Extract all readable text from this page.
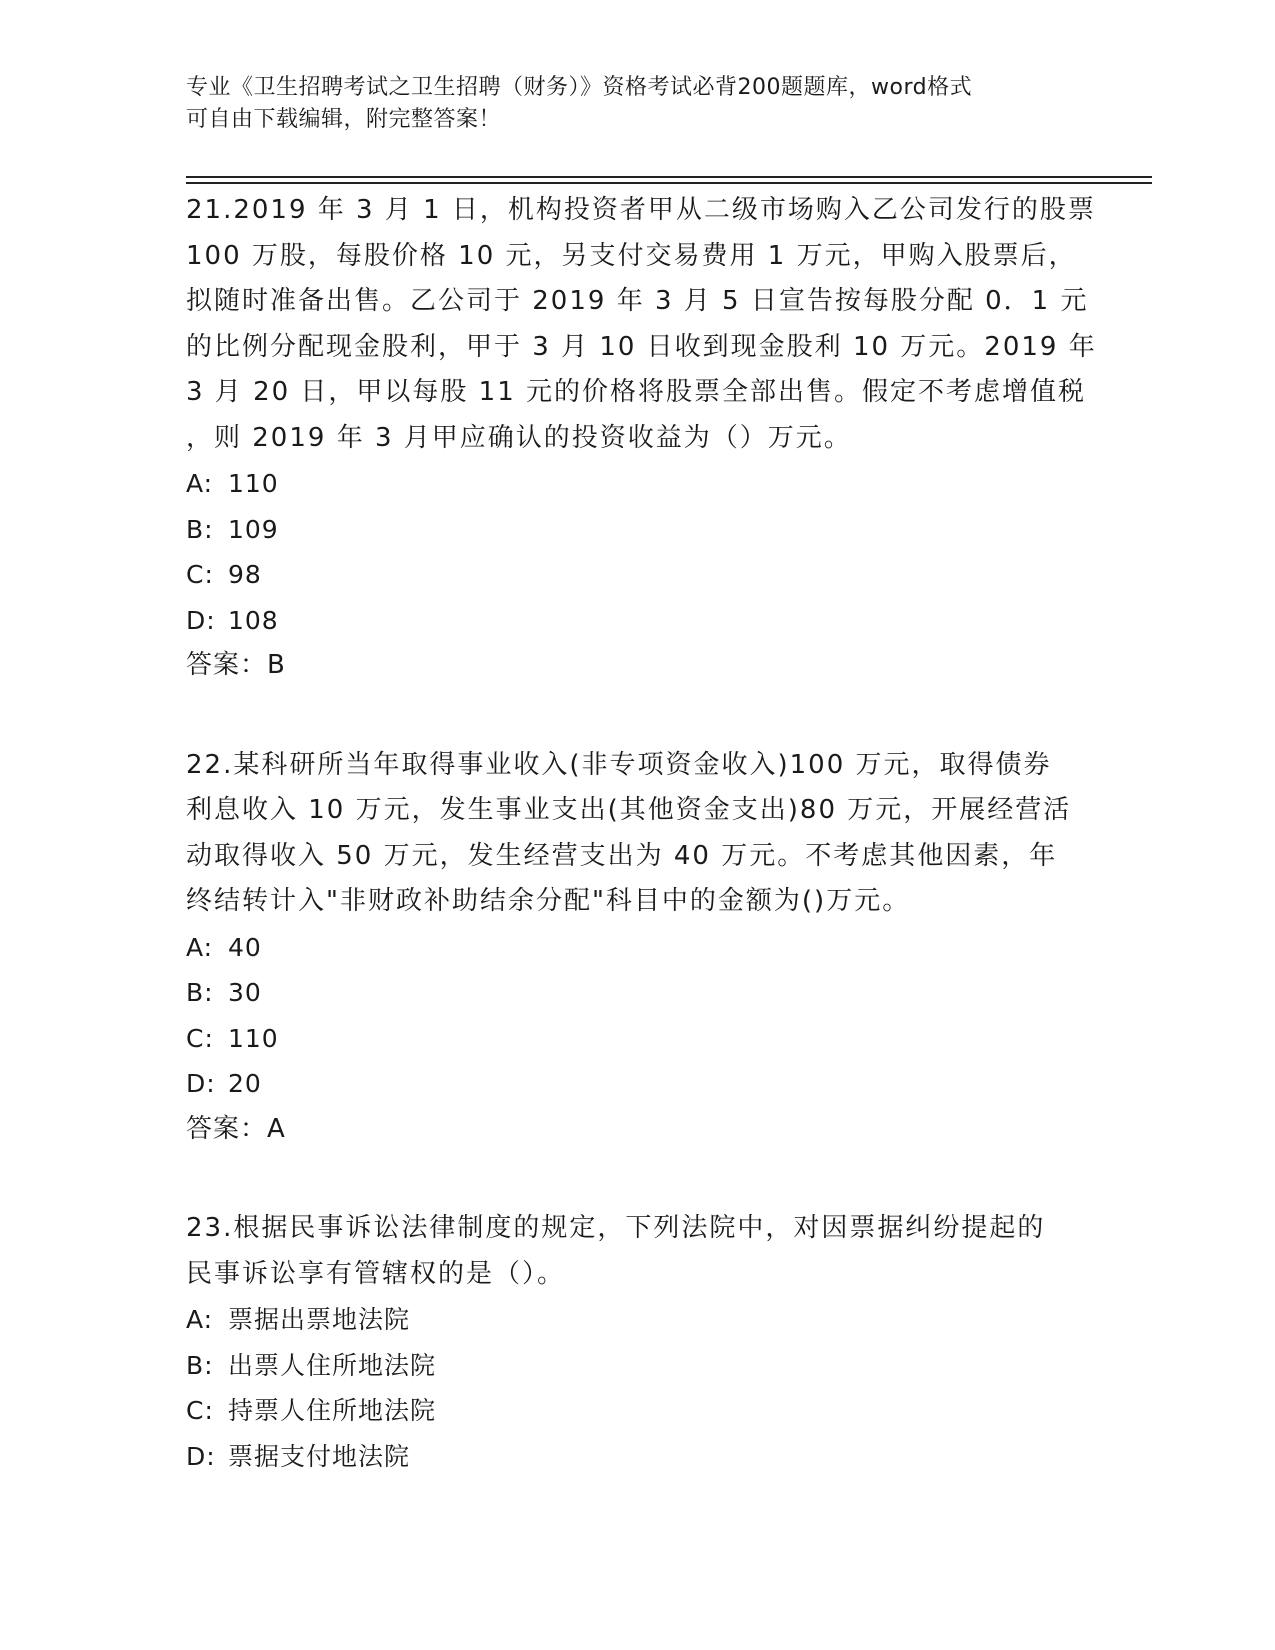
专业《卫生招聘考试之卫生招聘（财务）》资格考试必背200题题库，word格式
可自由下载编辑，附完整答案！
21.2019 年 3 月 1 日，机构投资者甲从二级市场购入乙公司发行的股票
100 万股，每股价格 10 元，另支付交易费用 1 万元，甲购入股票后，
拟随时准备出售。乙公司于 2019 年 3 月 5 日宣告按每股分配 0．1 元
的比例分配现金股利，甲于 3 月 10 日收到现金股利 10 万元。2019 年
3 月 20 日，甲以每股 11 元的价格将股票全部出售。假定不考虑增值税
，则 2019 年 3 月甲应确认的投资收益为（）万元。
A: 110
B: 109
C: 98
D: 108
答案：B
22.某科研所当年取得事业收入(非专项资金收入)100 万元，取得债券
利息收入 10 万元，发生事业支出(其他资金支出)80 万元，开展经营活
动取得收入 50 万元，发生经营支出为 40 万元。不考虑其他因素，年
终结转计入"非财政补助结余分配"科目中的金额为()万元。
A: 40
B: 30
C: 110
D: 20
答案：A
23.根据民事诉讼法律制度的规定，下列法院中，对因票据纠纷提起的
民事诉讼享有管辖权的是（）。
A: 票据出票地法院
B: 出票人住所地法院
C: 持票人住所地法院
D: 票据支付地法院
